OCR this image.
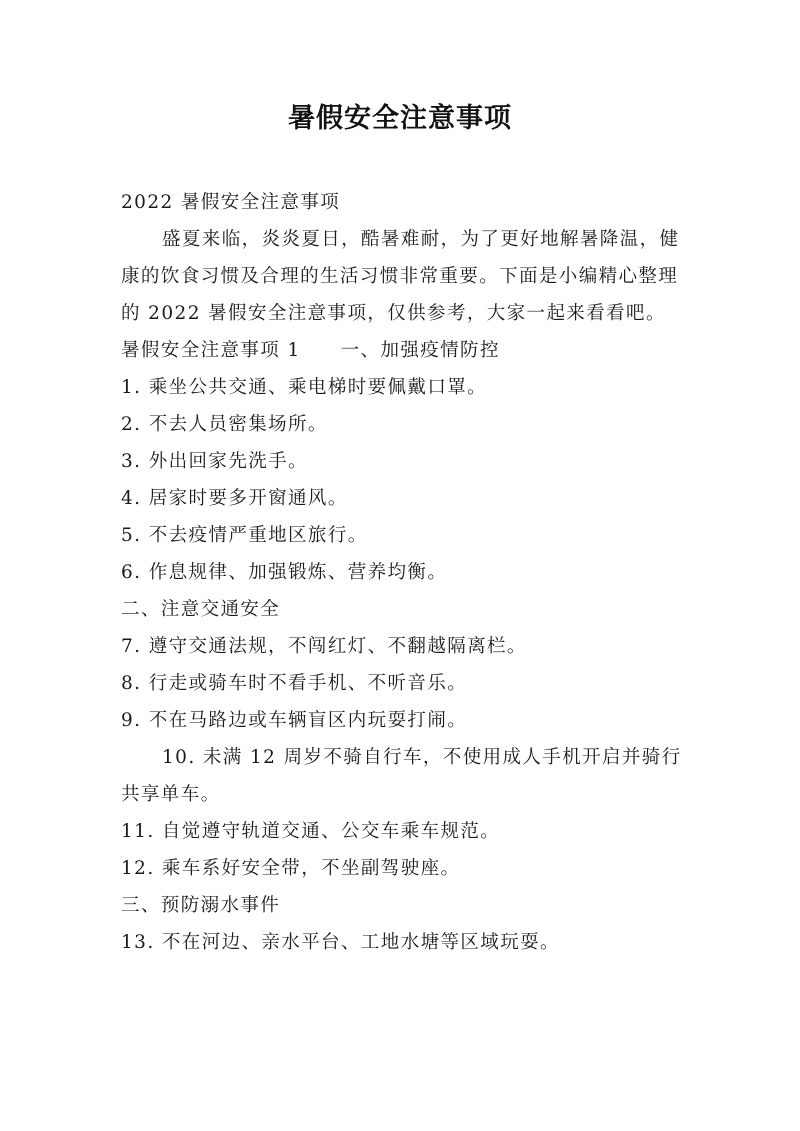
暑假安全注意事项

2022 暑假安全注意事项

盛夏来临，炎炎夏日，酷暑难耐，为了更好地解暑降温，健康的饮食习惯及合理的生活习惯非常重要。下面是小编精心整理的 2022 暑假安全注意事项，仅供参考，大家一起来看看吧。

暑假安全注意事项 1 一、加强疫情防控

1. 乘坐公共交通、乘电梯时要佩戴口罩。

2. 不去人员密集场所。

3. 外出回家先洗手。

4. 居家时要多开窗通风。

5. 不去疫情严重地区旅行。

6. 作息规律、加强锻炼、营养均衡。

二、注意交通安全

7. 遵守交通法规，不闯红灯、不翻越隔离栏。

8. 行走或骑车时不看手机、不听音乐。

9. 不在马路边或车辆盲区内玩耍打闹。

10. 未满 12 周岁不骑自行车，不使用成人手机开启并骑行共享单车。

11. 自觉遵守轨道交通、公交车乘车规范。

12. 乘车系好安全带，不坐副驾驶座。

三、预防溺水事件

13. 不在河边、亲水平台、工地水塘等区域玩耍。
